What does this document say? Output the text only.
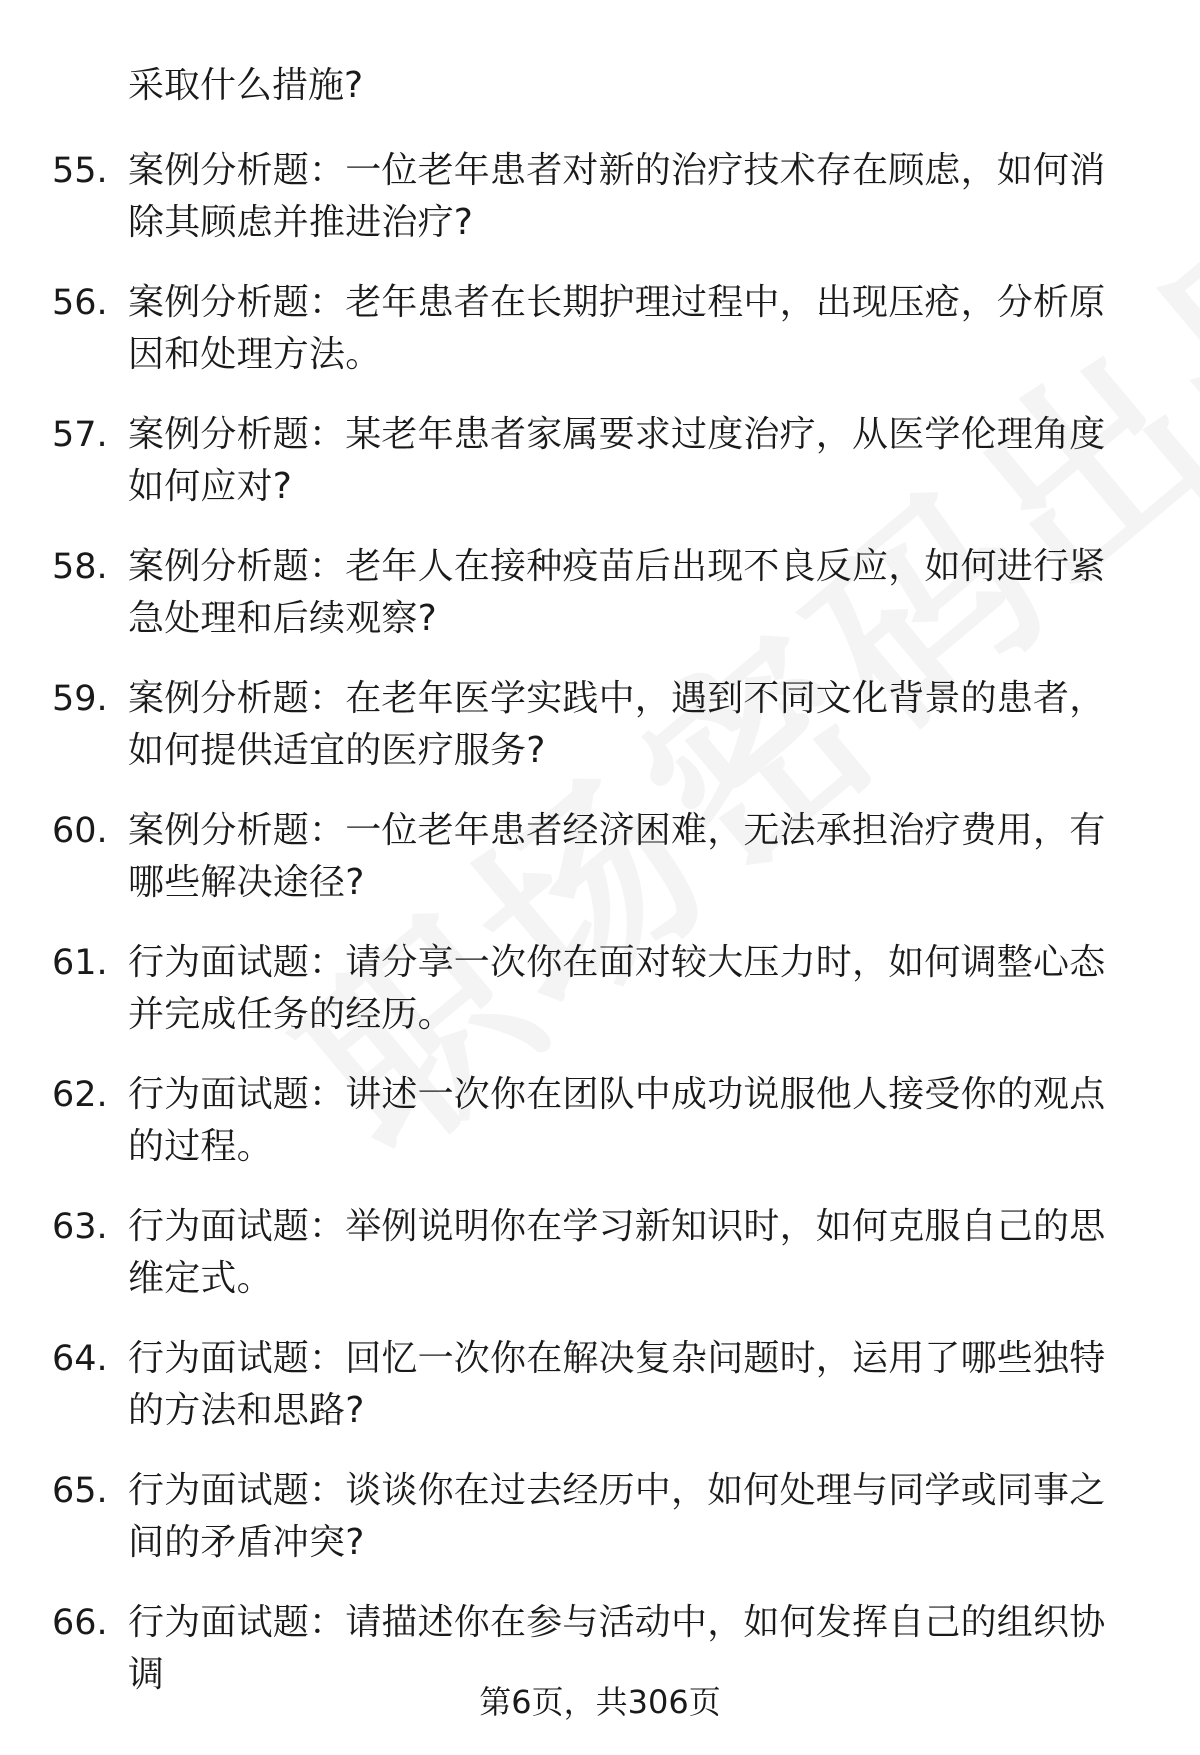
采取什么措施?
55. 案例分析题：一位老年患者对新的治疗技术存在顾虑，如何消除其顾虑并推进治疗?
56. 案例分析题：老年患者在长期护理过程中，出现压疮，分析原因和处理方法。
57. 案例分析题：某老年患者家属要求过度治疗，从医学伦理角度如何应对?
58. 案例分析题：老年人在接种疫苗后出现不良反应，如何进行紧急处理和后续观察?
59. 案例分析题：在老年医学实践中，遇到不同文化背景的患者，如何提供适宜的医疗服务?
60. 案例分析题：一位老年患者经济困难，无法承担治疗费用，有哪些解决途径?
61. 行为面试题：请分享一次你在面对较大压力时，如何调整心态并完成任务的经历。
62. 行为面试题：讲述一次你在团队中成功说服他人接受你的观点的过程。
63. 行为面试题：举例说明你在学习新知识时，如何克服自己的思维定式。
64. 行为面试题：回忆一次你在解决复杂问题时，运用了哪些独特的方法和思路?
65. 行为面试题：谈谈你在过去经历中，如何处理与同学或同事之间的矛盾冲突?
66. 行为面试题：请描述你在参与活动中，如何发挥自己的组织协调
第6页，共306页
